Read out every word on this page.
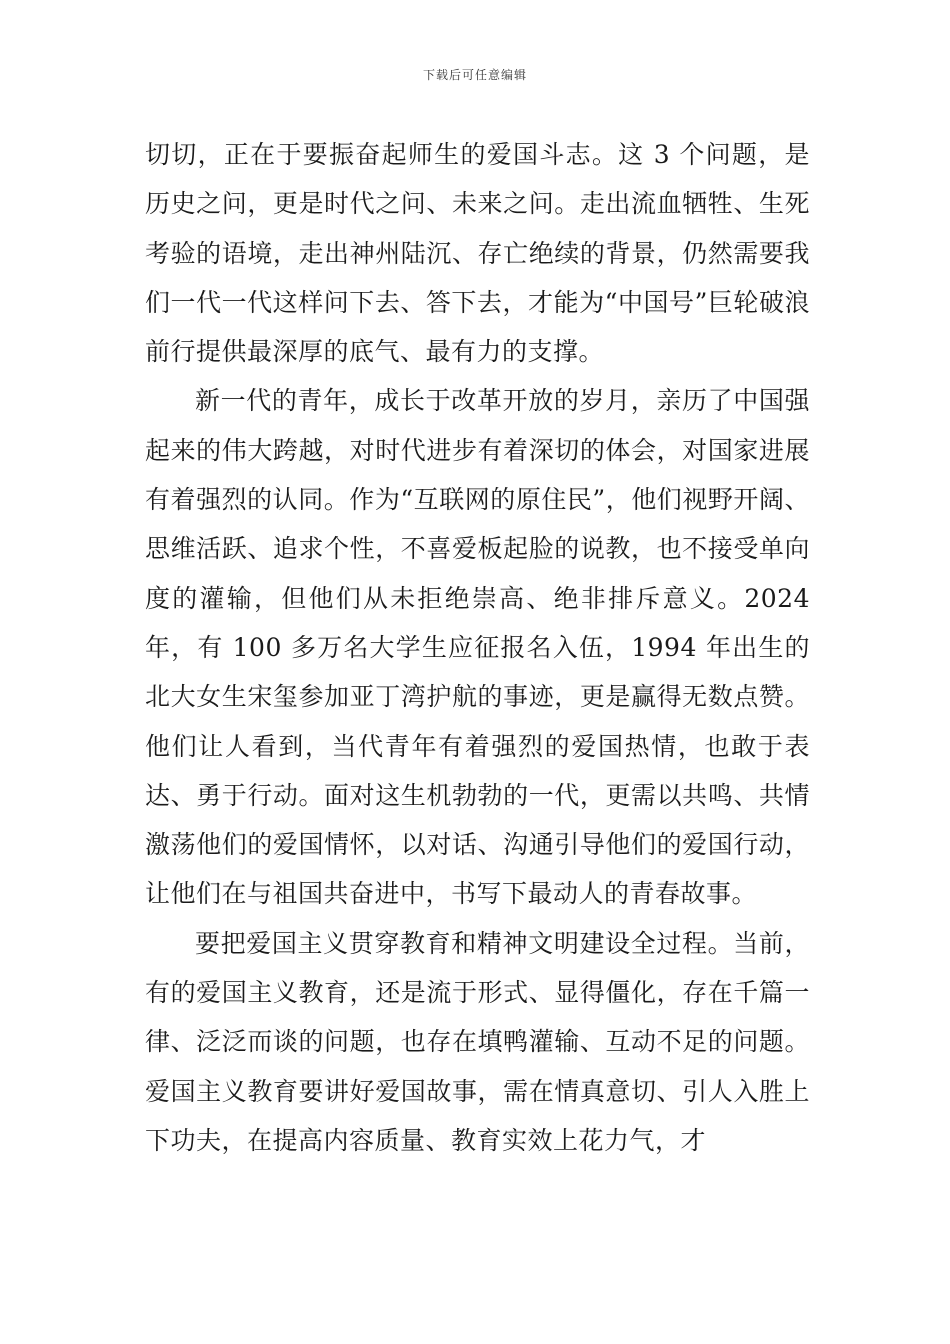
下载后可任意编辑

切切，正在于要振奋起师生的爱国斗志。这 3 个问题，是历史之问，更是时代之问、未来之问。走出流血牺牲、生死考验的语境，走出神州陆沉、存亡绝续的背景，仍然需要我们一代一代这样问下去、答下去，才能为“中国号”巨轮破浪前行提供最深厚的底气、最有力的支撑。

新一代的青年，成长于改革开放的岁月，亲历了中国强起来的伟大跨越，对时代进步有着深切的体会，对国家进展有着强烈的认同。作为“互联网的原住民”，他们视野开阔、思维活跃、追求个性，不喜爱板起脸的说教，也不接受单向度的灌输，但他们从未拒绝崇高、绝非排斥意义。2024 年，有 100 多万名大学生应征报名入伍，1994 年出生的北大女生宋玺参加亚丁湾护航的事迹，更是赢得无数点赞。他们让人看到，当代青年有着强烈的爱国热情，也敢于表达、勇于行动。面对这生机勃勃的一代，更需以共鸣、共情激荡他们的爱国情怀，以对话、沟通引导他们的爱国行动，让他们在与祖国共奋进中，书写下最动人的青春故事。

要把爱国主义贯穿教育和精神文明建设全过程。当前，有的爱国主义教育，还是流于形式、显得僵化，存在千篇一律、泛泛而谈的问题，也存在填鸭灌输、互动不足的问题。爱国主义教育要讲好爱国故事，需在情真意切、引人入胜上下功夫，在提高内容质量、教育实效上花力气，才
